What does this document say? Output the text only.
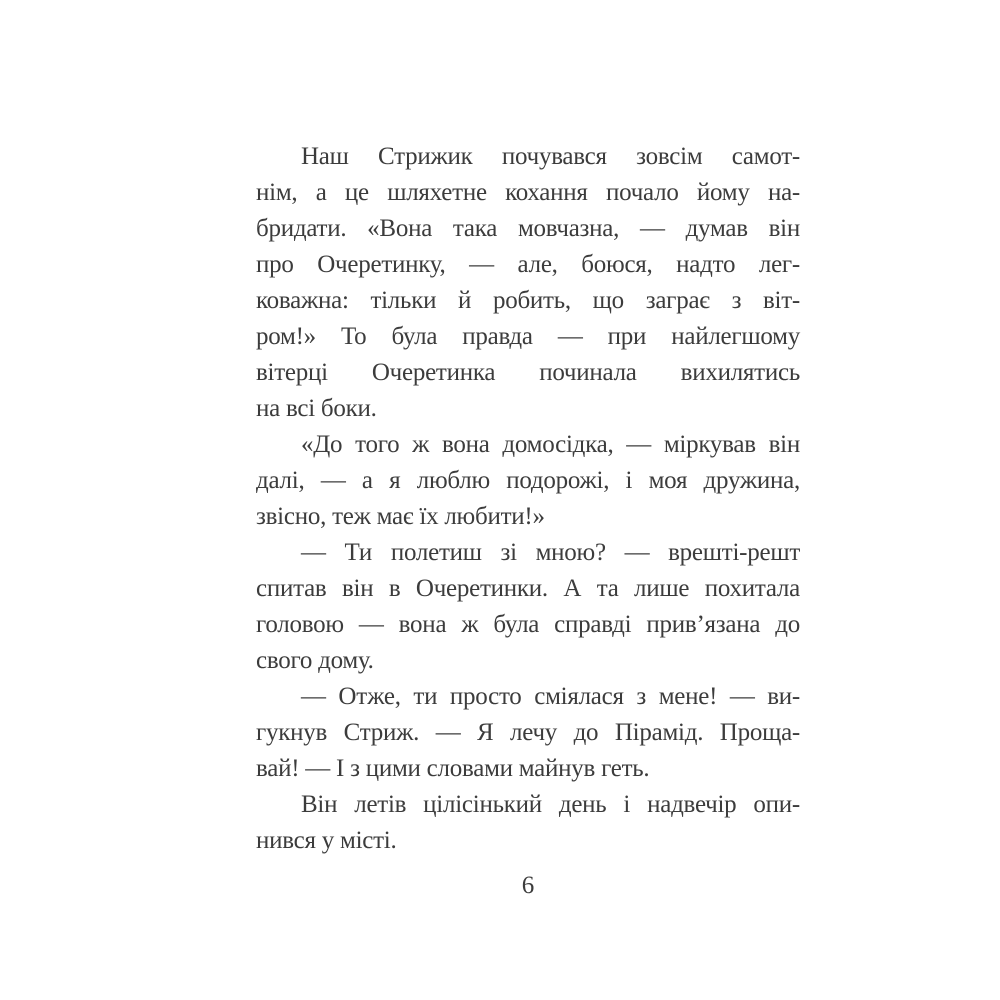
Наш Стрижик почувався зовсім самот-
нім, а це шляхетне кохання почало йому на-
бридати. «Вона така мовчазна, — думав він
про Очеретинку, — але, боюся, надто лег-
коважна: тільки й робить, що заграє з віт-
ром!» То була правда — при найлегшому
вітерці Очеретинка починала вихилятись
на всі боки.

«До того ж вона домосідка, — міркував він
далі, — а я люблю подорожі, і моя дружина,
звісно, теж має їх любити!»

— Ти полетиш зі мною? — врешті-решт
спитав він в Очеретинки. А та лише похитала
головою — вона ж була справді прив’язана до
свого дому.

— Отже, ти просто сміялася з мене! — ви-
гукнув Стриж. — Я лечу до Пірамід. Проща-
вай! — І з цими словами майнув геть.

Він летів цілісінький день і надвечір опи-
нився у місті.

6
